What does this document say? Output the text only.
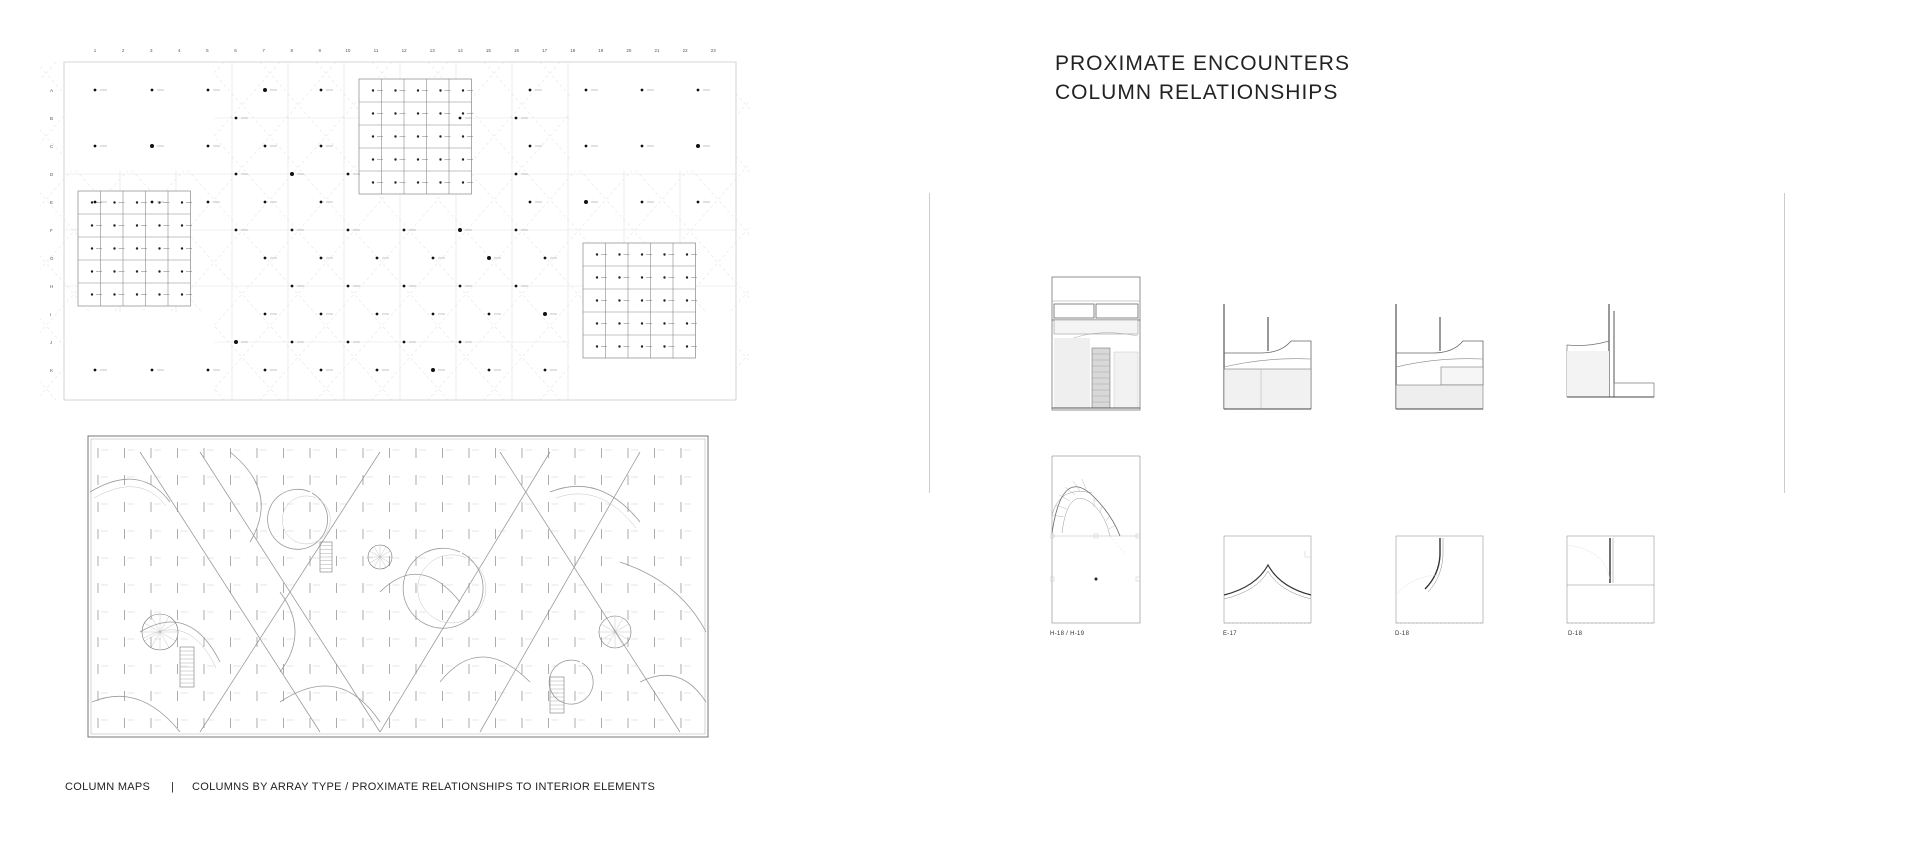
1	2	3	4	5	6	7	8	9	10	11	12	13	14	15	16	17	18	19	20	21	22	23
A
B
C
D
E
F
G
H
I
J
K
PROXIMATE ENCOUNTERS
COLUMN RELATIONSHIPS
H-18 / H-19	E-17	D-18	D-18
COLUMN MAPS | COLUMNS BY ARRAY TYPE / PROXIMATE RELATIONSHIPS TO INTERIOR ELEMENTS
